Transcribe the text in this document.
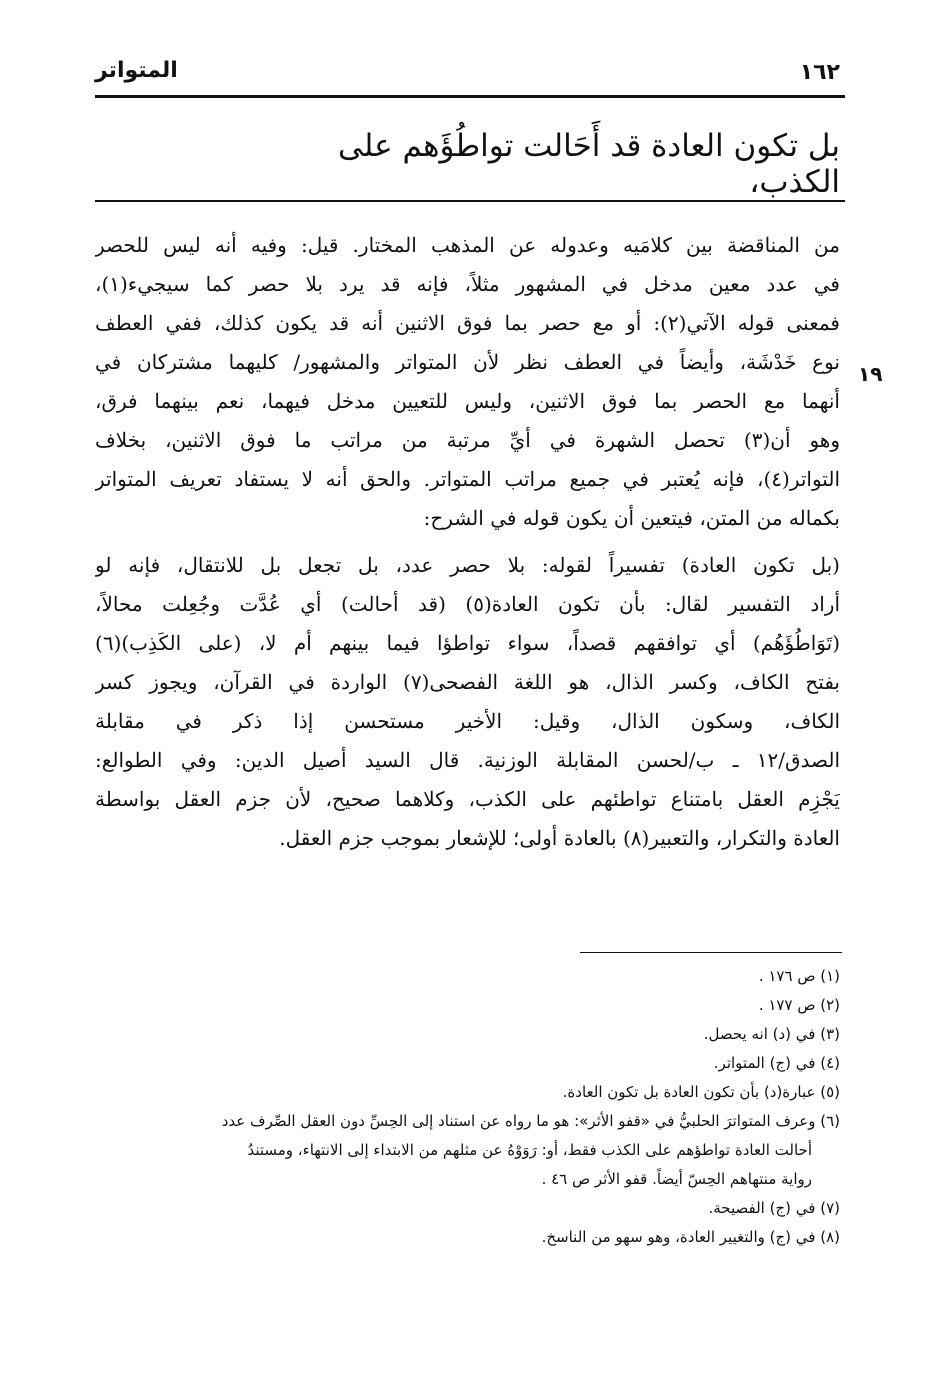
١٦٢
المتواتر
بل تكون العادة قد أَحَالت تواطُؤَهم على الكذب،
١٩
من المناقضة بين كلامَيه وعدوله عن المذهب المختار. قيل: وفيه أنه ليس للحصر
في عدد معين مدخل في المشهور مثلاً، فإنه قد يرد بلا حصر كما سيجيء(١)،
فمعنى قوله الآتي(٢): أو مع حصر بما فوق الاثنين أنه قد يكون كذلك، ففي العطف
نوع خَدْشَة، وأيضاً في العطف نظر لأن المتواتر والمشهور/ كليهما مشتركان في
أنهما مع الحصر بما فوق الاثنين، وليس للتعيين مدخل فيهما، نعم بينهما فرق،
وهو أن(٣) تحصل الشهرة في أيِّ مرتبة من مراتب ما فوق الاثنين، بخلاف
التواتر(٤)، فإنه يُعتبر في جميع مراتب المتواتر. والحق أنه لا يستفاد تعريف المتواتر
بكماله من المتن، فيتعين أن يكون قوله في الشرح:
(بل تكون العادة) تفسيراً لقوله: بلا حصر عدد، بل تجعل بل للانتقال، فإنه لو
أراد التفسير لقال: بأن تكون العادة(٥) (قد أحالت) أي عُدَّت وجُعِلت محالاً،
(تَوَاطُؤَهُم) أي توافقهم قصداً، سواء تواطؤا فيما بينهم أم لا، (على الكَذِب)(٦)
بفتح الكاف، وكسر الذال، هو اللغة الفصحى(٧) الواردة في القرآن، ويجوز كسر
الكاف، وسكون الذال، وقيل: الأخير مستحسن إذا ذكر في مقابلة
الصدق/١٢ ـ ب/لحسن المقابلة الوزنية. قال السيد أصيل الدين: وفي الطوالع:
يَجْزِم العقل بامتناع تواطئهم على الكذب، وكلاهما صحيح، لأن جزم العقل بواسطة
العادة والتكرار، والتعبير(٨) بالعادة أولى؛ للإشعار بموجب جزم العقل.
(١) ص ١٧٦ .
(٢) ص ١٧٧ .
(٣) في (د) انه يحصل.
(٤) في (ج) المتواتر.
(٥) عبارة(د) بأن تكون العادة بل تكون العادة.
(٦) وعرف المتواترَ الحلبيُّ في «قفو الأثر»: هو ما رواه عن استناد إلى الحِسِّ دون العقل الصِّرف عدد
أحالت العادة تواطؤهم على الكذب فقط، أو: رَوَوْهُ عن مثلهم من الابتداء إلى الانتهاء، ومستندُ
رواية منتهاهم الحِسّ أيضاً. قفو الأثر ص ٤٦ .
(٧) في (ج) الفصيحة.
(٨) في (ج) والتغيير العادة، وهو سهو من الناسخ.
